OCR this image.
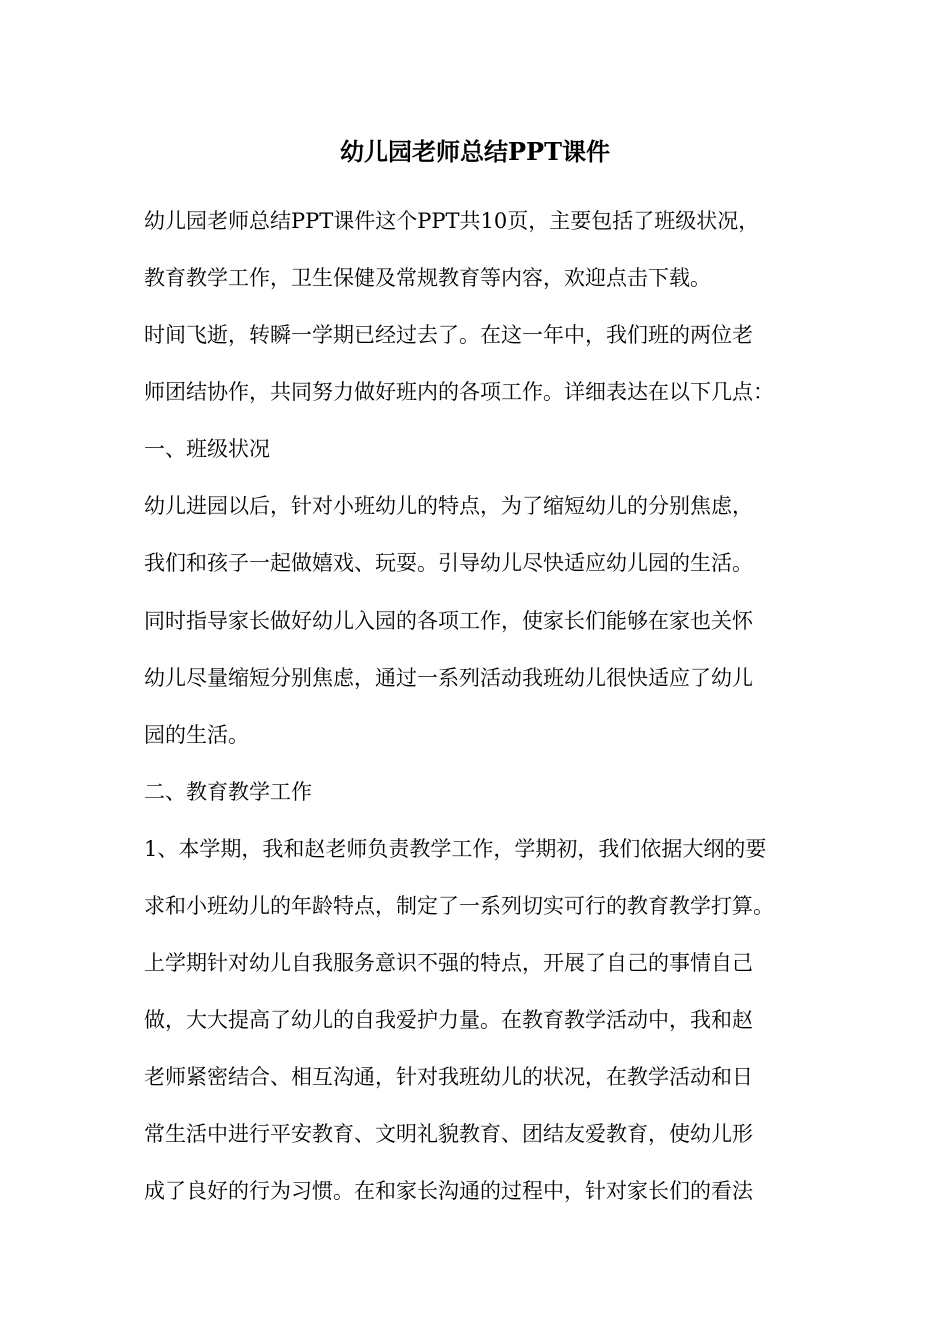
幼儿园老师总结PPT课件

幼儿园老师总结PPT课件这个PPT共10页，主要包括了班级状况，

教育教学工作，卫生保健及常规教育等内容，欢迎点击下载。

时间飞逝，转瞬一学期已经过去了。在这一年中，我们班的两位老

师团结协作，共同努力做好班内的各项工作。详细表达在以下几点：

一、班级状况

幼儿进园以后，针对小班幼儿的特点，为了缩短幼儿的分别焦虑，

我们和孩子一起做嬉戏、玩耍。引导幼儿尽快适应幼儿园的生活。

同时指导家长做好幼儿入园的各项工作，使家长们能够在家也关怀

幼儿尽量缩短分别焦虑，通过一系列活动我班幼儿很快适应了幼儿

园的生活。

二、教育教学工作

1、本学期，我和赵老师负责教学工作，学期初，我们依据大纲的要

求和小班幼儿的年龄特点，制定了一系列切实可行的教育教学打算。

上学期针对幼儿自我服务意识不强的特点，开展了自己的事情自己

做，大大提高了幼儿的自我爱护力量。在教育教学活动中，我和赵

老师紧密结合、相互沟通，针对我班幼儿的状况，在教学活动和日

常生活中进行平安教育、文明礼貌教育、团结友爱教育，使幼儿形

成了良好的行为习惯。在和家长沟通的过程中，针对家长们的看法
